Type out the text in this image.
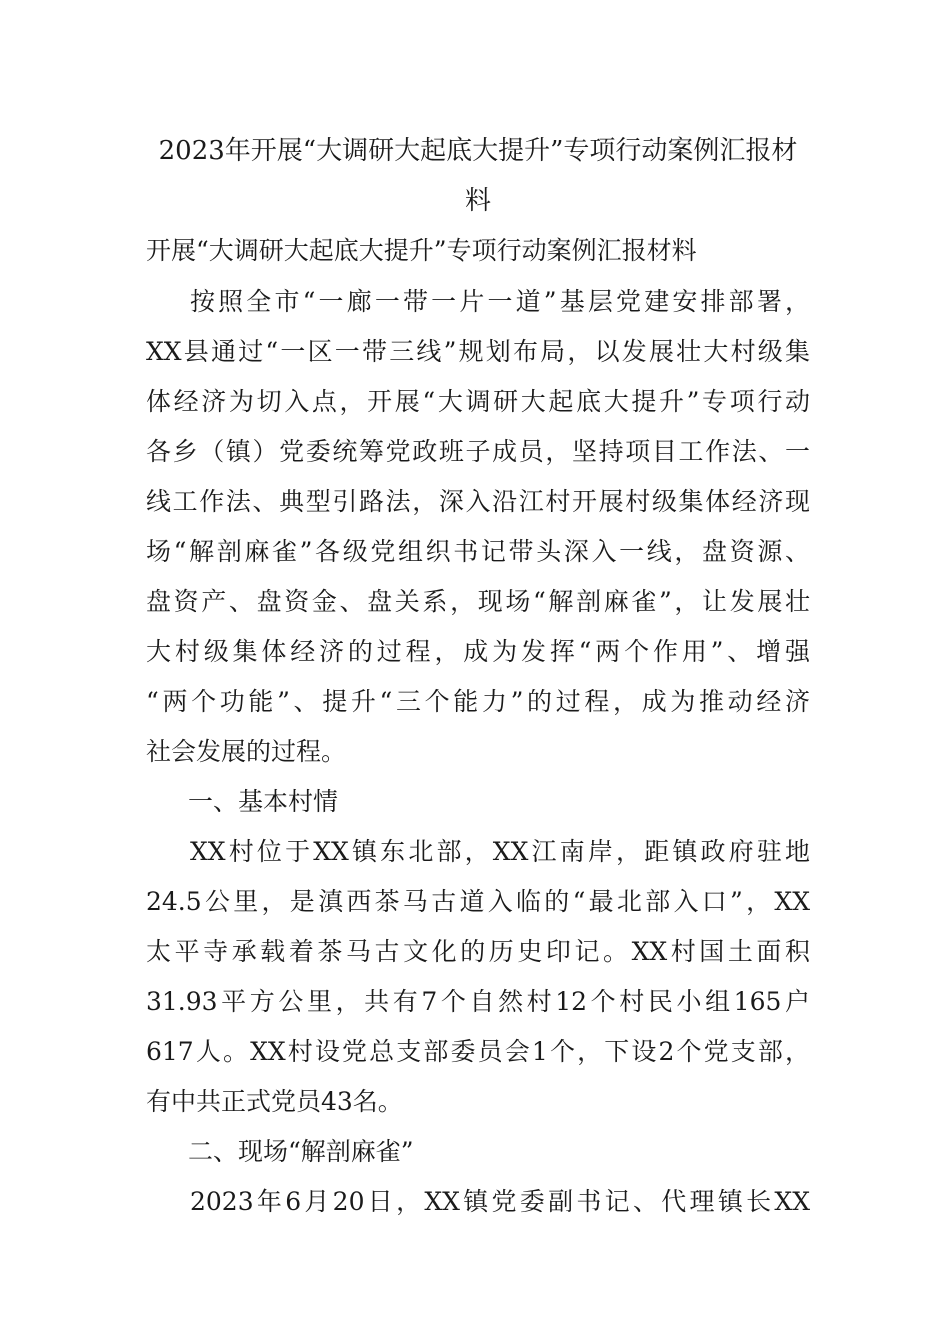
2023年开展“大调研大起底大提升”专项行动案例汇报材
料
开展“大调研大起底大提升”专项行动案例汇报材料
按照全市“一廊一带一片一道”基层党建安排部署，
XX县通过“一区一带三线”规划布局，以发展壮大村级集
体经济为切入点，开展“大调研大起底大提升”专项行动
各乡（镇）党委统筹党政班子成员，坚持项目工作法、一
线工作法、典型引路法，深入沿江村开展村级集体经济现
场“解剖麻雀”各级党组织书记带头深入一线，盘资源、
盘资产、盘资金、盘关系，现场“解剖麻雀”，让发展壮
大村级集体经济的过程，成为发挥“两个作用”、增强
“两个功能”、提升“三个能力”的过程，成为推动经济
社会发展的过程。
一、基本村情
XX村位于XX镇东北部，XX江南岸，距镇政府驻地
24.5公里，是滇西茶马古道入临的“最北部入口”，XX
太平寺承载着茶马古文化的历史印记。XX村国土面积
31.93平方公里，共有7个自然村12个村民小组165户
617人。XX村设党总支部委员会1个，下设2个党支部，
有中共正式党员43名。
二、现场“解剖麻雀”
2023年6月20日，XX镇党委副书记、代理镇长XX
